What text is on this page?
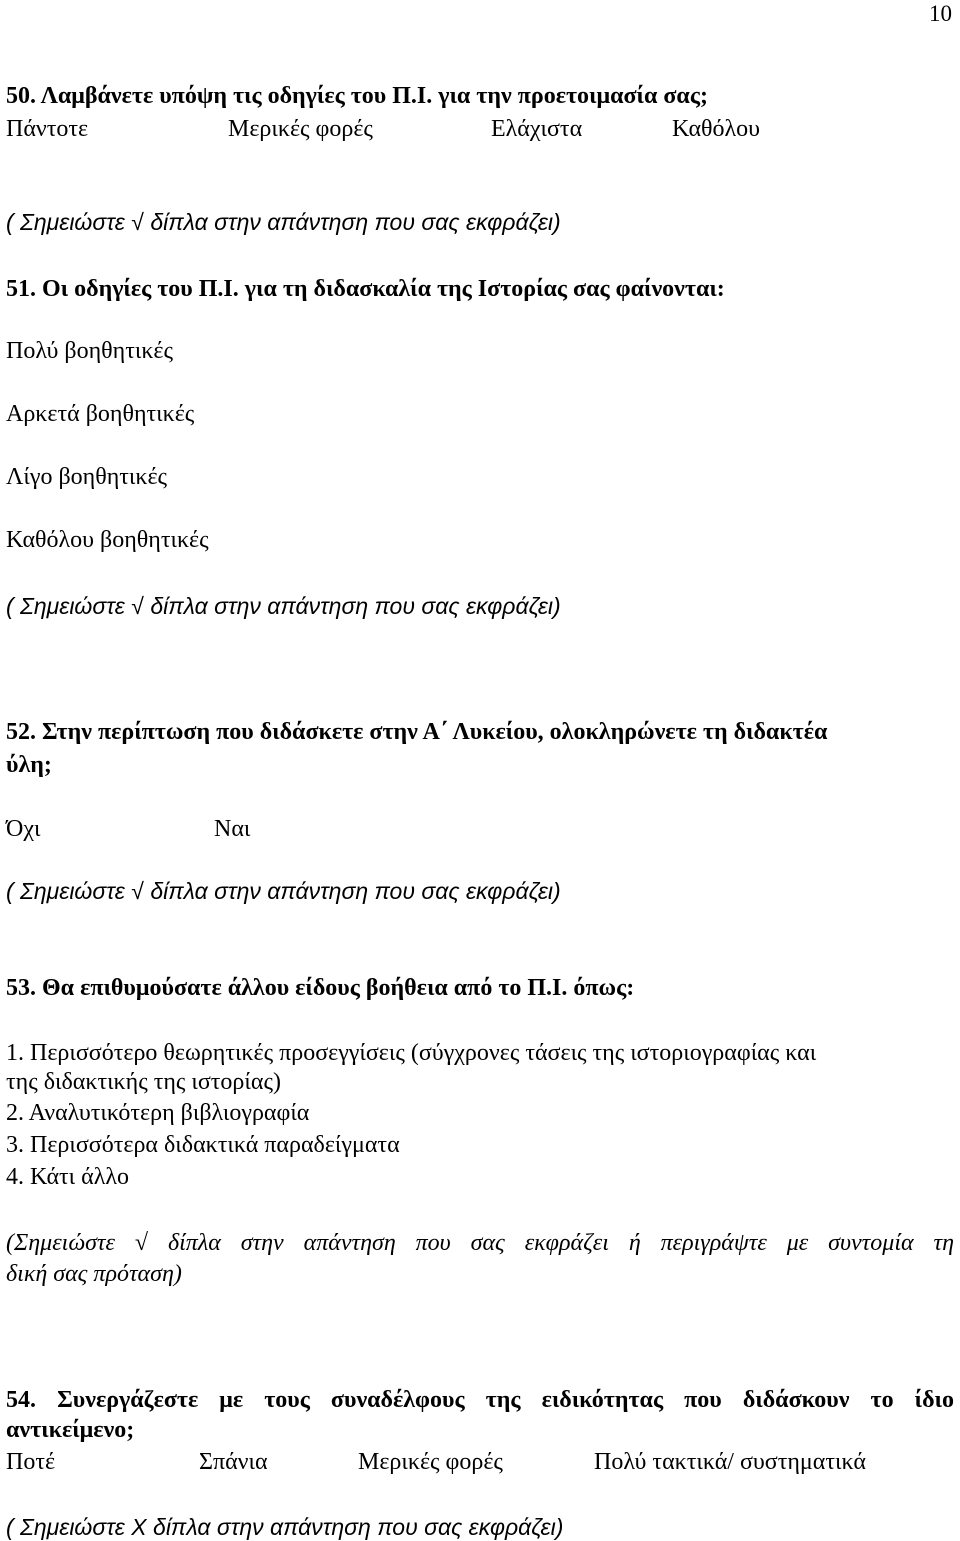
10
50. Λαμβάνετε υπόψη τις οδηγίες του Π.Ι. για την προετοιμασία σας;
Πάντοτε	Μερικές φορές	Ελάχιστα	Καθόλου
( Σημειώστε √ δίπλα στην απάντηση που σας εκφράζει)
51. Οι οδηγίες του Π.Ι. για τη διδασκαλία της Ιστορίας σας φαίνονται:
Πολύ βοηθητικές
Αρκετά βοηθητικές
Λίγο βοηθητικές
Καθόλου βοηθητικές
( Σημειώστε √ δίπλα στην απάντηση που σας εκφράζει)
52. Στην περίπτωση που διδάσκετε στην Α΄ Λυκείου, ολοκληρώνετε τη διδακτέα
ύλη;
Όχι	Ναι
( Σημειώστε √ δίπλα στην απάντηση που σας εκφράζει)
53. Θα επιθυμούσατε άλλου είδους βοήθεια από το Π.Ι. όπως:
1. Περισσότερο θεωρητικές προσεγγίσεις (σύγχρονες τάσεις της ιστοριογραφίας και
της διδακτικής της ιστορίας)
2. Αναλυτικότερη βιβλιογραφία
3. Περισσότερα διδακτικά παραδείγματα
4. Κάτι άλλο
(Σημειώστε √ δίπλα στην απάντηση που σας εκφράζει ή περιγράψτε με συντομία τη
δική σας πρόταση)
54. Συνεργάζεστε με τους συναδέλφους της ειδικότητας που διδάσκουν το ίδιο
αντικείμενο;
Ποτέ	Σπάνια	Μερικές φορές	Πολύ τακτικά/ συστηματικά
( Σημειώστε Χ δίπλα στην απάντηση που σας εκφράζει)
